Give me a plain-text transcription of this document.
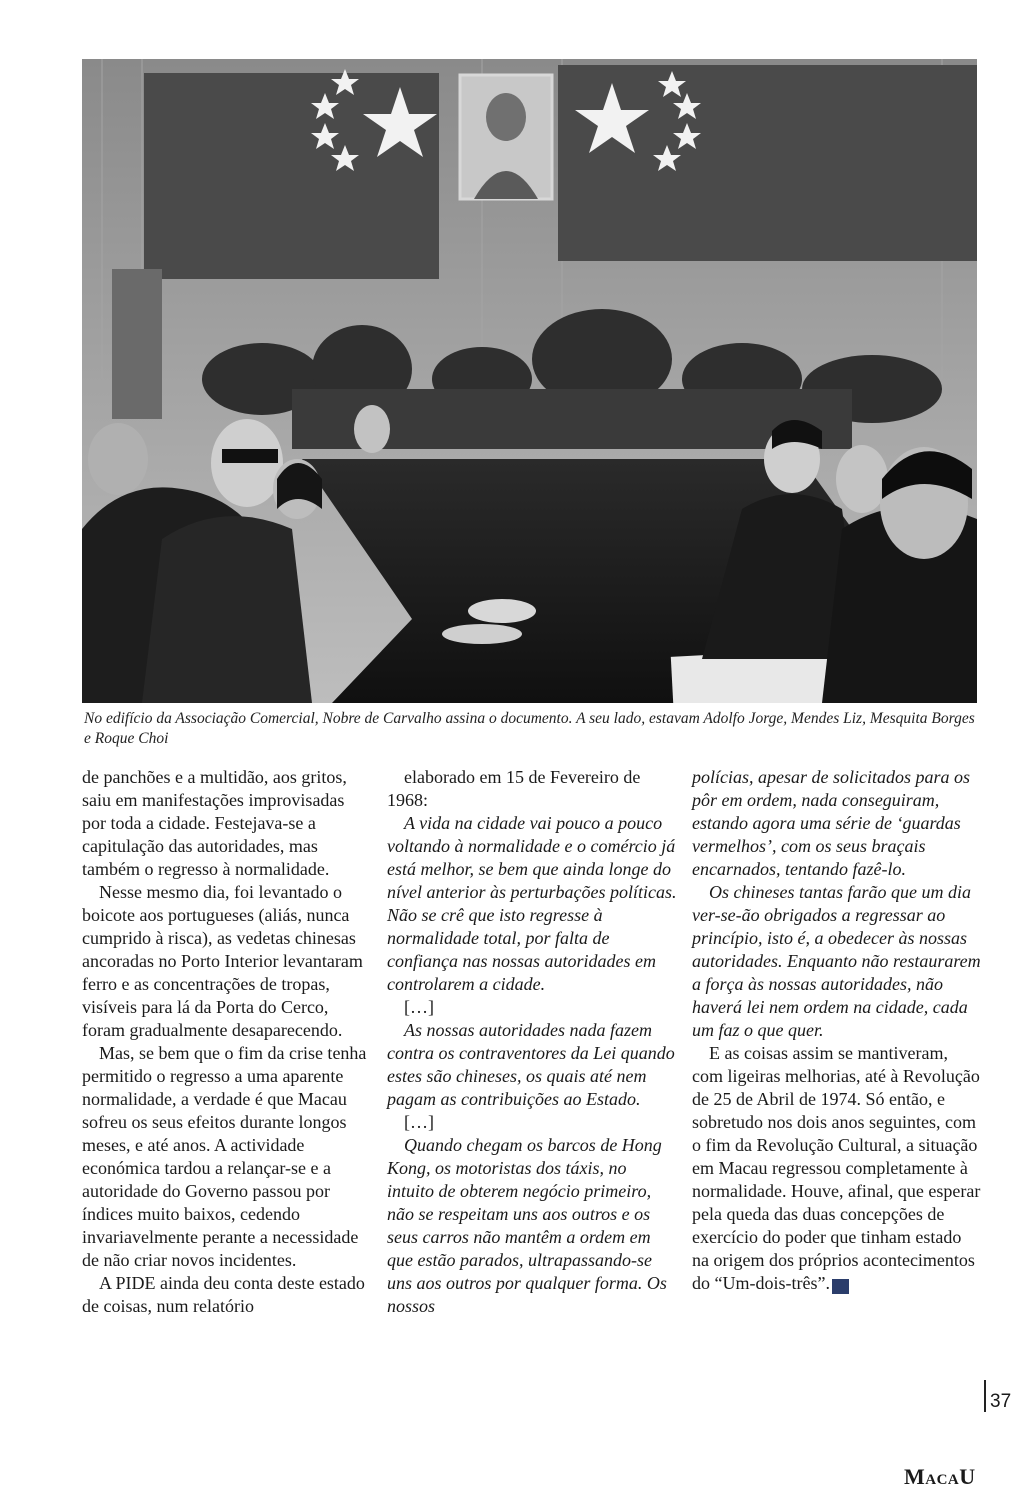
No edifício da Associação Comercial, Nobre de Carvalho assina o documento. A seu lado, estavam Adolfo Jorge, Mendes Liz, Mesquita Borges e Roque Choi

de panchões e a multidão, aos gritos, saiu em manifestações improvisadas por toda a cidade. Festejava-se a capitulação das autoridades, mas também o regresso à normalidade.

Nesse mesmo dia, foi levantado o boicote aos portugueses (aliás, nunca cumprido à risca), as vedetas chinesas ancoradas no Porto Interior levantaram ferro e as concentrações de tropas, visíveis para lá da Porta do Cerco, foram gradualmente desaparecendo.

Mas, se bem que o fim da crise tenha permitido o regresso a uma aparente normalidade, a verdade é que Macau sofreu os seus efeitos durante longos meses, e até anos. A actividade económica tardou a relançar-se e a autoridade do Governo passou por índices muito baixos, cedendo invariavelmente perante a necessidade de não criar novos incidentes.

A PIDE ainda deu conta deste estado de coisas, num relatório

elaborado em 15 de Fevereiro de 1968:

A vida na cidade vai pouco a pouco voltando à normalidade e o comércio já está melhor, se bem que ainda longe do nível anterior às perturbações políticas. Não se crê que isto regresse à normalidade total, por falta de confiança nas nossas autoridades em controlarem a cidade.

[…]

As nossas autoridades nada fazem contra os contraventores da Lei quando estes são chineses, os quais até nem pagam as contribuições ao Estado.

[…]

Quando chegam os barcos de Hong Kong, os motoristas dos táxis, no intuito de obterem negócio primeiro, não se respeitam uns aos outros e os seus carros não mantêm a ordem em que estão parados, ultrapassando-se uns aos outros por qualquer forma. Os nossos

polícias, apesar de solicitados para os pôr em ordem, nada conseguiram, estando agora uma série de ‘guardas vermelhos’, com os seus braçais encarnados, tentando fazê-lo.

Os chineses tantas farão que um dia ver-se-ão obrigados a regressar ao princípio, isto é, a obedecer às nossas autoridades. Enquanto não restaurarem a força às nossas autoridades, não haverá lei nem ordem na cidade, cada um faz o que quer.

E as coisas assim se mantiveram, com ligeiras melhorias, até à Revolução de 25 de Abril de 1974. Só então, e sobretudo nos dois anos seguintes, com o fim da Revolução Cultural, a situação em Macau regressou completamente à normalidade. Houve, afinal, que esperar pela queda das duas concepções de exercício do poder que tinham estado na origem dos próprios acontecimentos do “Um-dois-três”. M

37
MacaU
